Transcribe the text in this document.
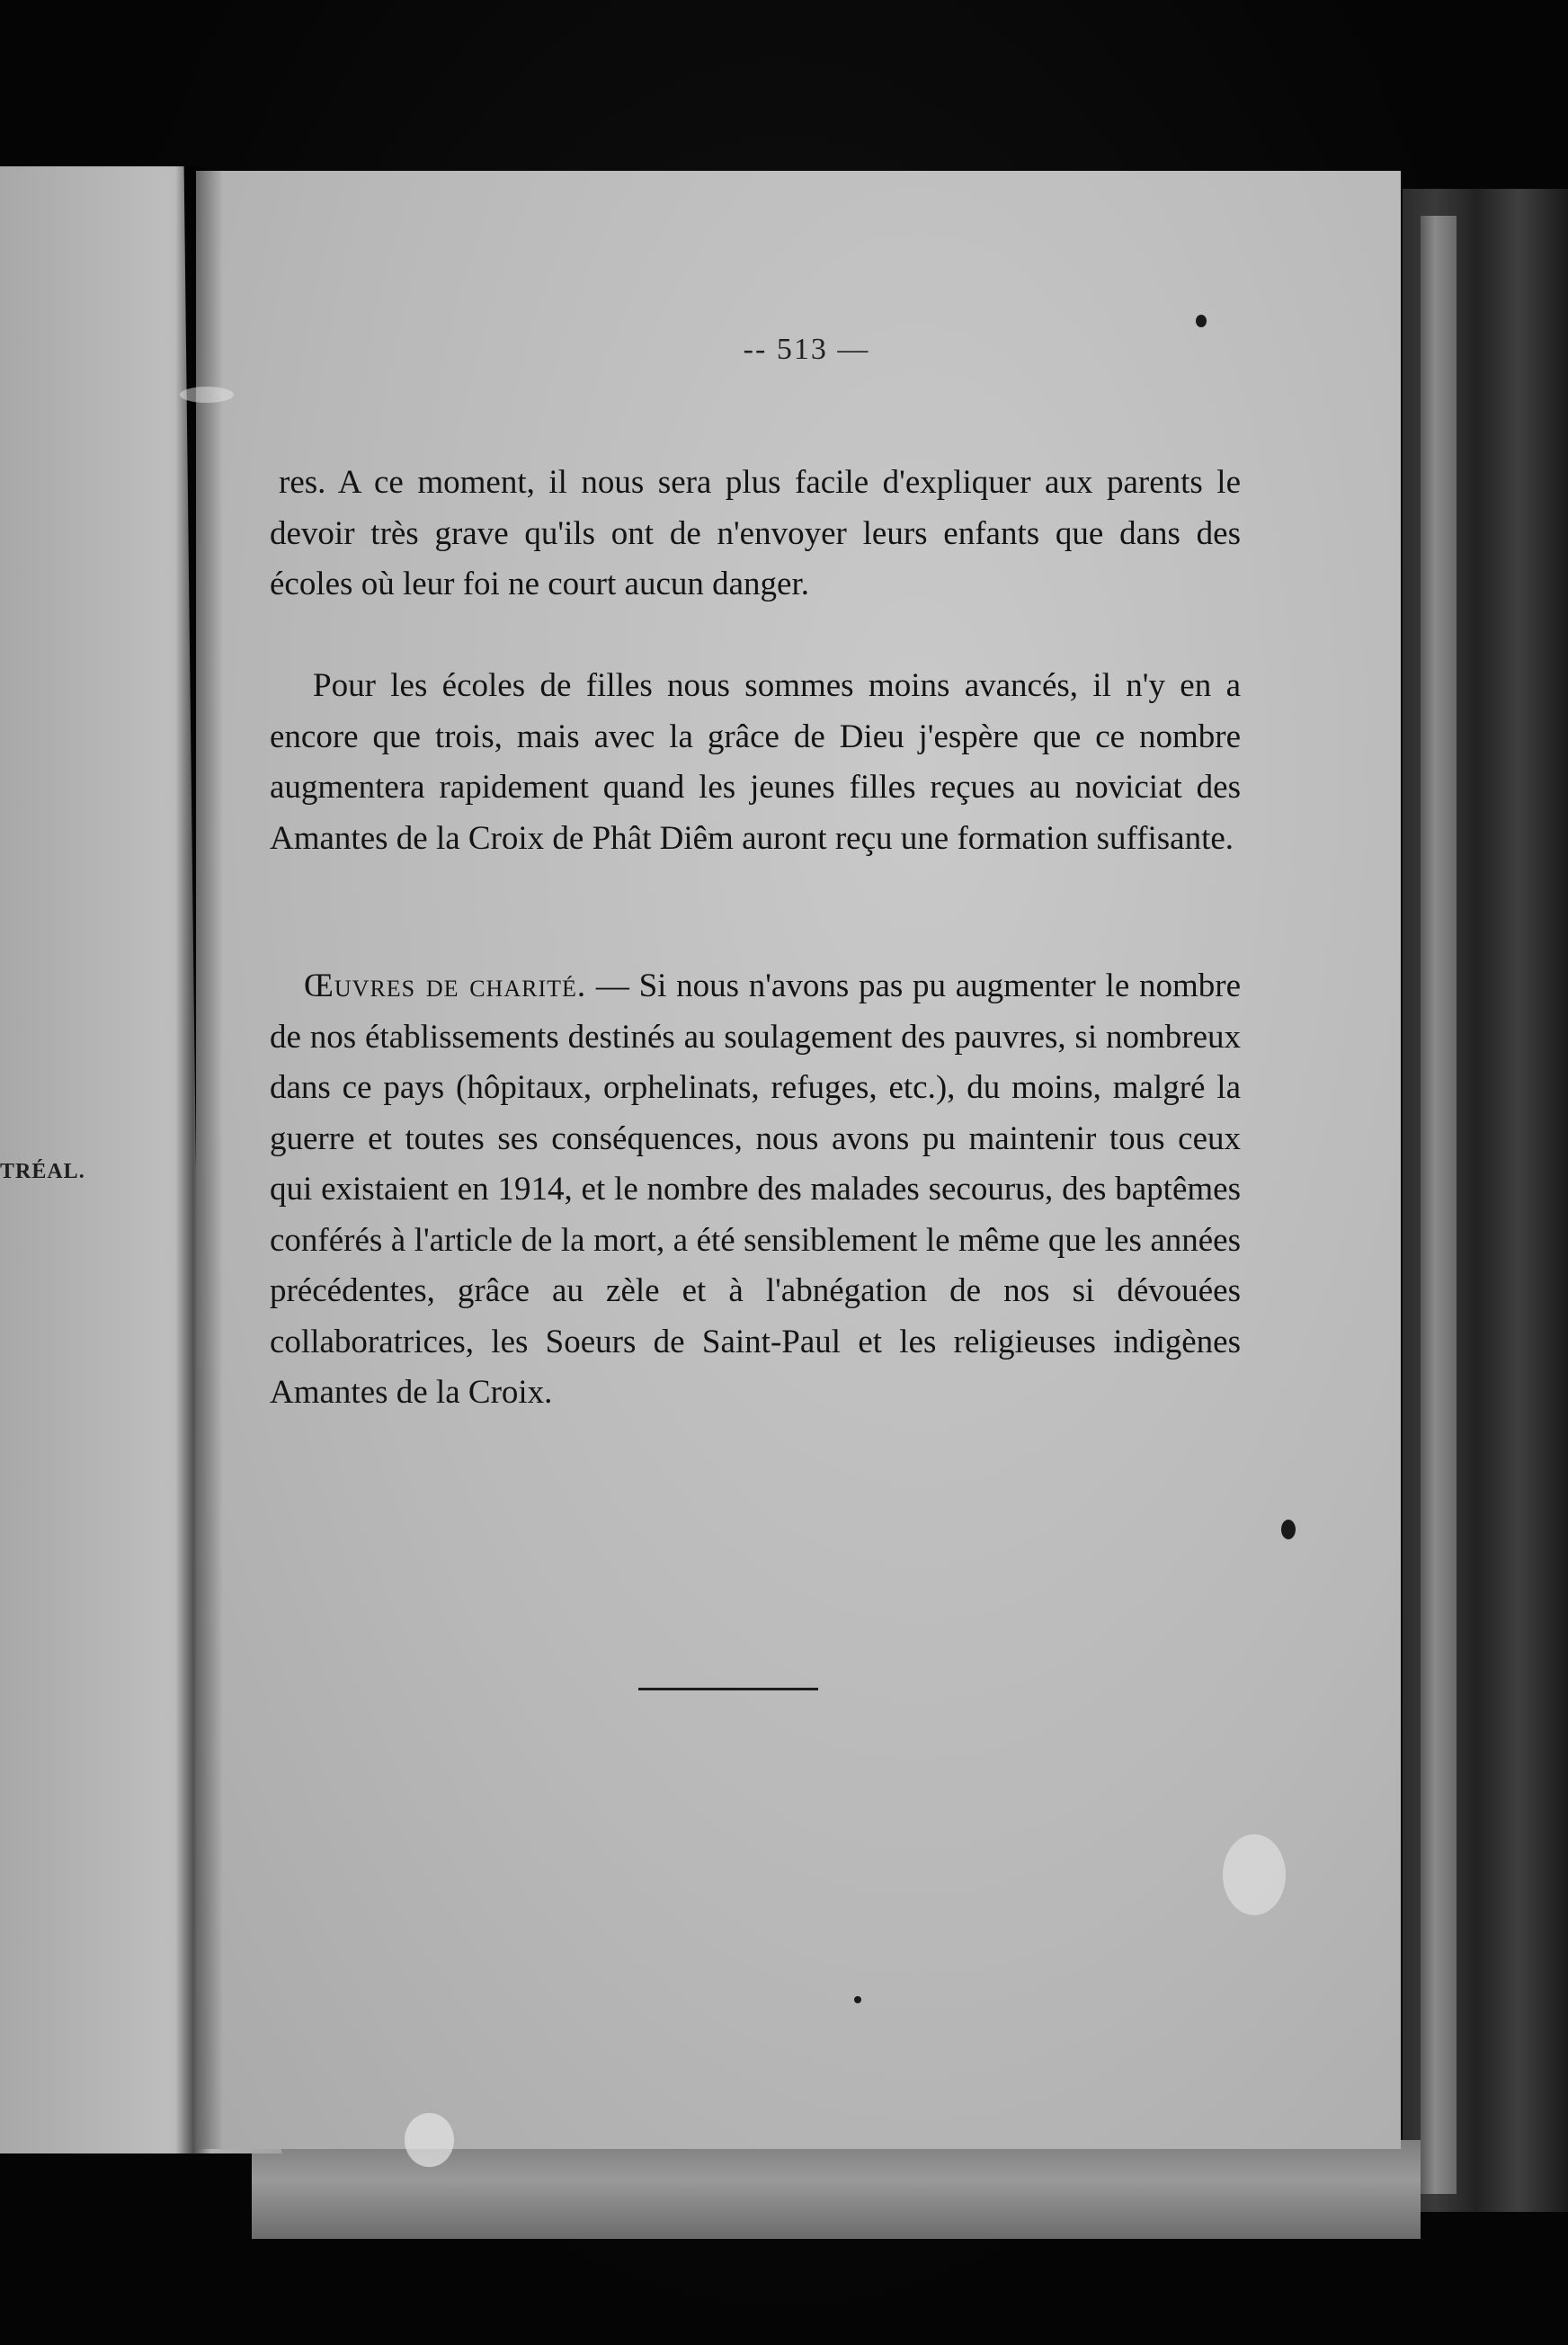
TRÉAL.
-- 513 —

res. A ce moment, il nous sera plus facile d'expliquer aux parents le devoir très grave qu'ils ont de n'envoyer leurs enfants que dans des écoles où leur foi ne court aucun danger.

Pour les écoles de filles nous sommes moins avancés, il n'y en a encore que trois, mais avec la grâce de Dieu j'espère que ce nombre augmentera rapidement quand les jeunes filles reçues au noviciat des Amantes de la Croix de Phât Diêm auront reçu une formation suffisante.

Œuvres de charité. — Si nous n'avons pas pu augmenter le nombre de nos établissements destinés au soulagement des pauvres, si nombreux dans ce pays (hôpitaux, orphelinats, refuges, etc.), du moins, malgré la guerre et toutes ses conséquences, nous avons pu maintenir tous ceux qui existaient en 1914, et le nombre des malades secourus, des baptêmes conférés à l'article de la mort, a été sensiblement le même que les années précédentes, grâce au zèle et à l'abnégation de nos si dévouées collaboratrices, les Soeurs de Saint-Paul et les religieuses indigènes Amantes de la Croix.
